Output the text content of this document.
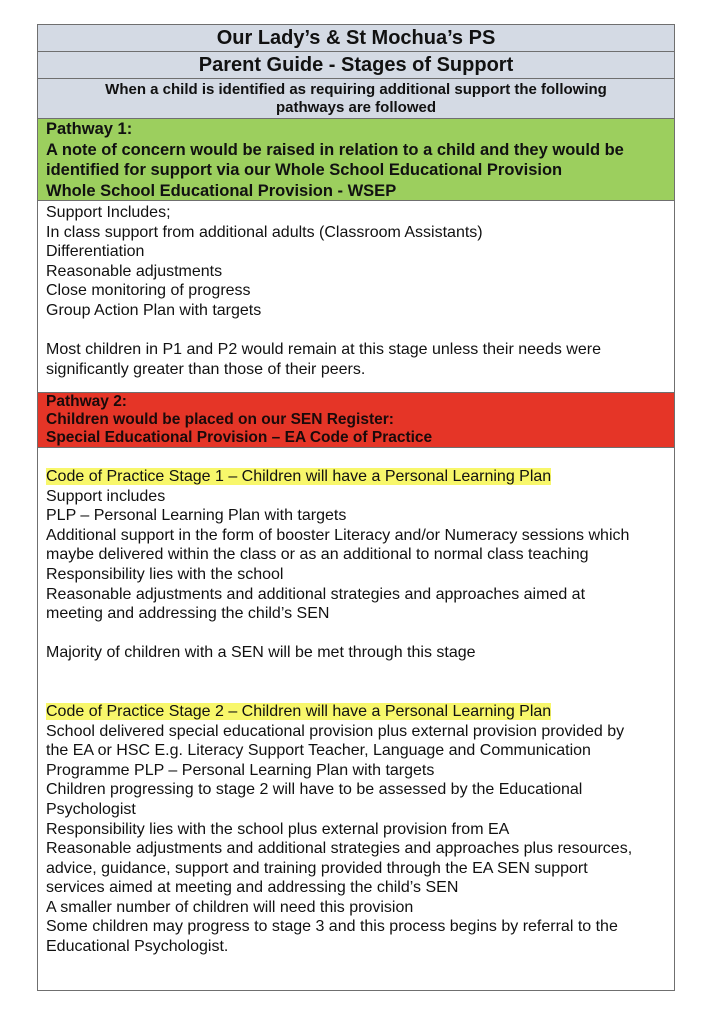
Our Lady’s & St Mochua’s PS
Parent Guide - Stages of Support
When a child is identified as requiring additional support the following
pathways are followed
Pathway 1:
A note of concern would be raised in relation to a child and they would be
identified for support via our Whole School Educational Provision
Whole School Educational Provision - WSEP
Support Includes;
In class support from additional adults (Classroom Assistants)
Differentiation
Reasonable adjustments
Close monitoring of progress
Group Action Plan with targets
Most children in P1 and P2 would remain at this stage unless their needs were
significantly greater than those of their peers.
Pathway 2:
Children would be placed on our SEN Register:
Special Educational Provision – EA Code of Practice
Code of Practice Stage 1 – Children will have a Personal Learning Plan
Support includes
PLP – Personal Learning Plan with targets
Additional support in the form of booster Literacy and/or Numeracy sessions which
maybe delivered within the class or as an additional to normal class teaching
Responsibility lies with the school
Reasonable adjustments and additional strategies and approaches aimed at
meeting and addressing the child’s SEN
Majority of children with a SEN will be met through this stage
Code of Practice Stage 2 – Children will have a Personal Learning Plan
School delivered special educational provision plus external provision provided by
the EA or HSC E.g. Literacy Support Teacher, Language and Communication
Programme PLP – Personal Learning Plan with targets
Children progressing to stage 2 will have to be assessed by the Educational
Psychologist
Responsibility lies with the school plus external provision from EA
Reasonable adjustments and additional strategies and approaches plus resources,
advice, guidance, support and training provided through the EA SEN support
services aimed at meeting and addressing the child’s SEN
A smaller number of children will need this provision
Some children may progress to stage 3 and this process begins by referral to the
Educational Psychologist.
